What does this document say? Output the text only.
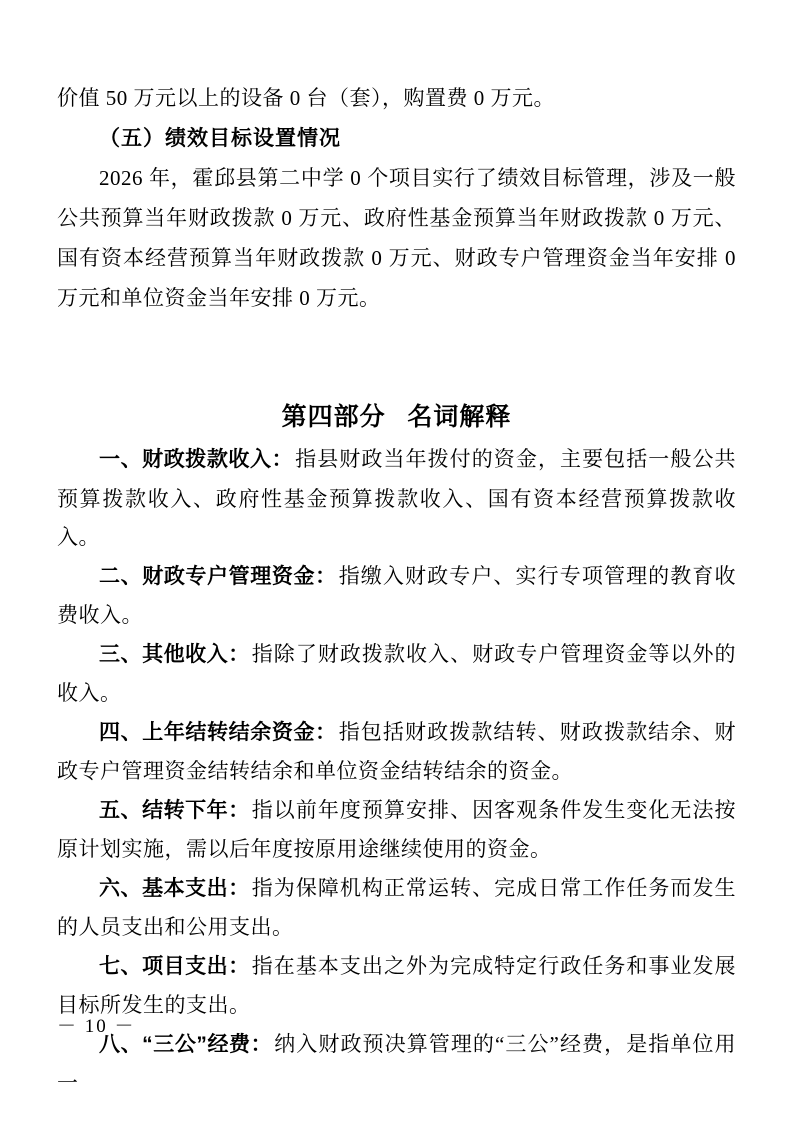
价值 50 万元以上的设备 0 台（套），购置费 0 万元。

（五）绩效目标设置情况

2026 年，霍邱县第二中学 0 个项目实行了绩效目标管理，涉及一般公共预算当年财政拨款 0 万元、政府性基金预算当年财政拨款 0 万元、国有资本经营预算当年财政拨款 0 万元、财政专户管理资金当年安排 0 万元和单位资金当年安排 0 万元。

第四部分 名词解释

一、财政拨款收入：指县财政当年拨付的资金，主要包括一般公共预算拨款收入、政府性基金预算拨款收入、国有资本经营预算拨款收入。

二、财政专户管理资金：指缴入财政专户、实行专项管理的教育收费收入。

三、其他收入：指除了财政拨款收入、财政专户管理资金等以外的收入。

四、上年结转结余资金：指包括财政拨款结转、财政拨款结余、财政专户管理资金结转结余和单位资金结转结余的资金。

五、结转下年：指以前年度预算安排、因客观条件发生变化无法按原计划实施，需以后年度按原用途继续使用的资金。

六、基本支出：指为保障机构正常运转、完成日常工作任务而发生的人员支出和公用支出。

七、项目支出：指在基本支出之外为完成特定行政任务和事业发展目标所发生的支出。

八、“三公”经费：纳入财政预决算管理的“三公”经费，是指单位用一

－ 10 －
